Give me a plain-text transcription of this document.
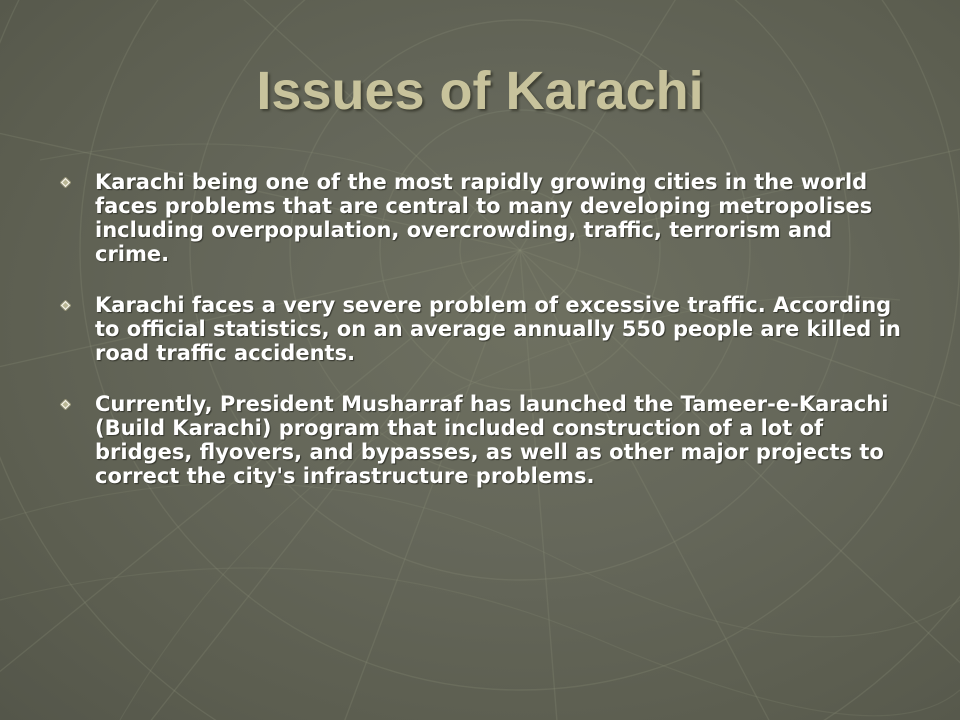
Issues of Karachi
Karachi being one of the most rapidly growing cities in the world faces problems that are central to many developing metropolises including overpopulation, overcrowding, traffic, terrorism and crime.
Karachi faces a very severe problem of excessive traffic. According to official statistics, on an average annually 550 people are killed in road traffic accidents.
Currently, President Musharraf has launched the Tameer-e-Karachi (Build Karachi) program that included construction of a lot of bridges, flyovers, and bypasses, as well as other major projects to correct the city's infrastructure problems.
